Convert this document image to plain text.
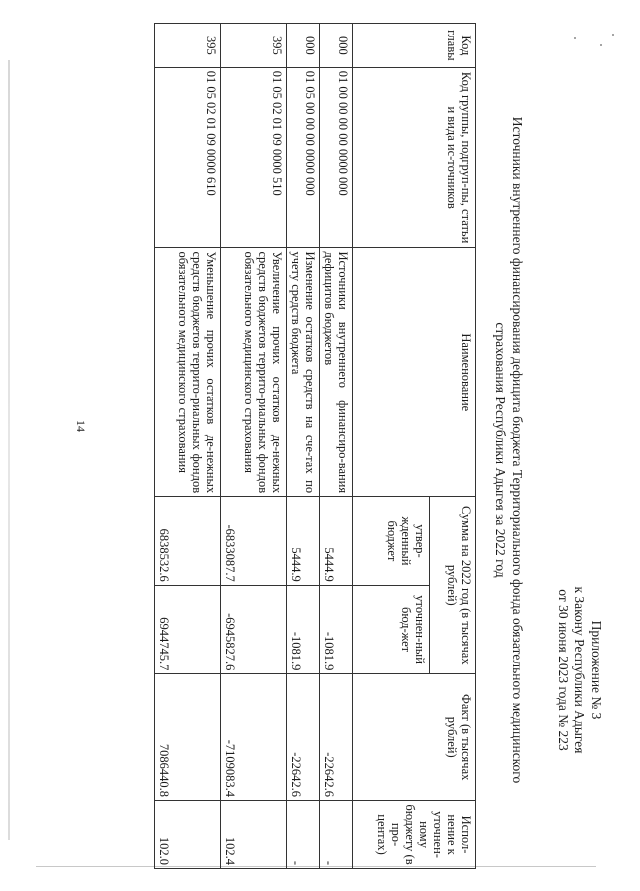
14
Приложение № 3
к Закону Республики Адыгея
от 30 июня 2023 года № 223
Источники внутреннего финансирования дефицита бюджета Территориального фонда обязательного медицинского
страхования Республики Адыгея за 2022 год
Код главы	Код группы, подгруп-пы, статьи и вида ис-точников	Наименование	Сумма на 2022 год (в тысячах рублей)		Факт (в тысячах рублей)	Испол-нение к уточнен-ному бюджету (в про-центах)
			утвер-жденный бюджет	уточнен-ный бюд-жет		
000	01 00 00 00 00 0000 000	Источники внутреннего финансиро-вания дефицитов бюджетов	5444.9	-1081.9	-22642.6	-
000	01 05 00 00 00 0000 000	Изменение остатков средств на сче-тах по учету средств бюджета	5444.9	-1081.9	-22642.6	-
395	01 05 02 01 09 0000 510	Увеличение прочих остатков де-нежных средств бюджетов террито-риальных фондов обязательного медицинского страхования	-6833087.7	-6945827.6	-7109083.4	102.4
395	01 05 02 01 09 0000 610	Уменьшение прочих остатков де-нежных средств бюджетов террито-риальных фондов обязательного медицинского страхования	6838532.6	6944745.7	7086440.8	102.0
